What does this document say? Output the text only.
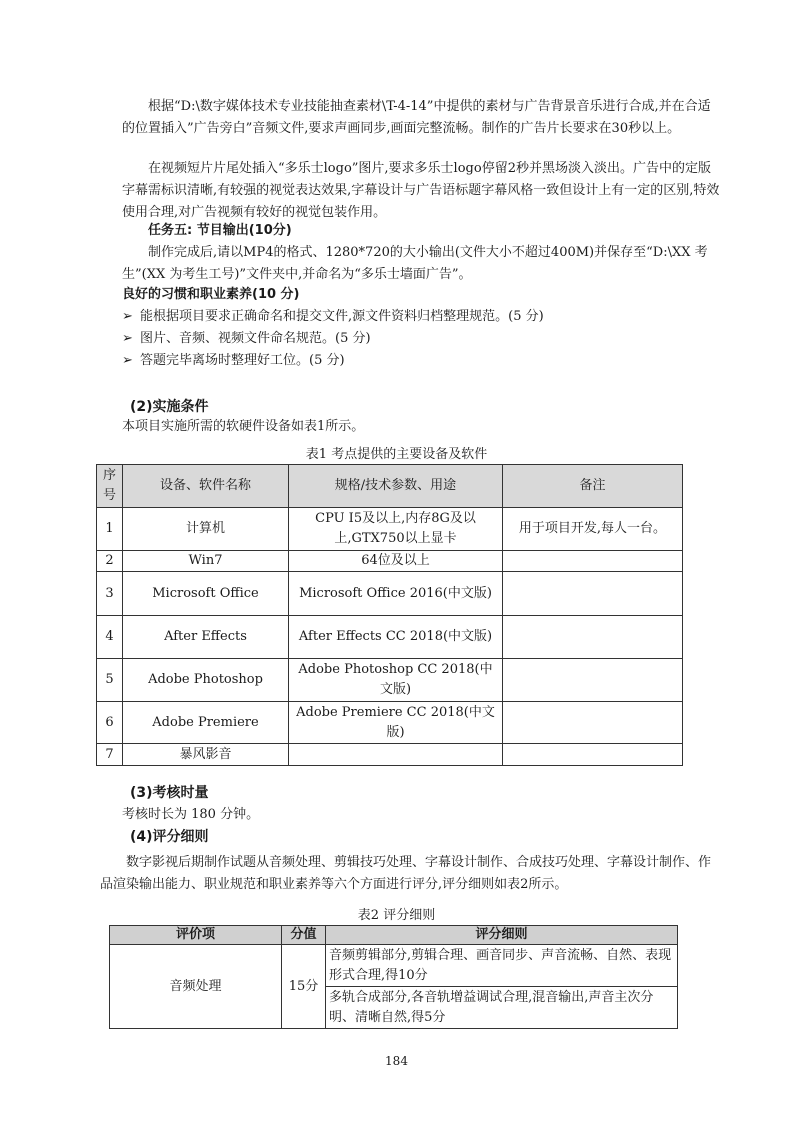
根据“D:\数字媒体技术专业技能抽查素材\T-4-14”中提供的素材与广告背景音乐进行合成,并在合适的位置插入”广告旁白”音频文件,要求声画同步,画面完整流畅。制作的广告片长要求在30秒以上。
在视频短片片尾处插入“多乐士logo”图片,要求多乐士logo停留2秒并黑场淡入淡出。广告中的定版字幕需标识清晰,有较强的视觉表达效果,字幕设计与广告语标题字幕风格一致但设计上有一定的区别,特效使用合理,对广告视频有较好的视觉包装作用。
任务五: 节目输出(10分)
制作完成后,请以MP4的格式、1280*720的大小输出(文件大小不超过400M)并保存至“D:\XX 考生”(XX 为考生工号)”文件夹中,并命名为“多乐士墙面广告”。
良好的习惯和职业素养(10 分)
➢ 能根据项目要求正确命名和提交文件,源文件资料归档整理规范。(5 分)
➢ 图片、音频、视频文件命名规范。(5 分)
➢ 答题完毕离场时整理好工位。(5 分)
(2)实施条件
本项目实施所需的软硬件设备如表1所示。
表1 考点提供的主要设备及软件
序号	设备、软件名称	规格/技术参数、用途	备注
1	计算机	CPU I5及以上,内存8G及以上,GTX750以上显卡	用于项目开发,每人一台。
2	Win7	64位及以上	
3	Microsoft Office	Microsoft Office 2016(中文版)	
4	After Effects	After Effects CC 2018(中文版)	
5	Adobe Photoshop	Adobe Photoshop CC 2018(中文版)	
6	Adobe Premiere	Adobe Premiere CC 2018(中文版)	
7	暴风影音		
(3)考核时量
考核时长为 180 分钟。
(4)评分细则
数字影视后期制作试题从音频处理、剪辑技巧处理、字幕设计制作、合成技巧处理、字幕设计制作、作品渲染输出能力、职业规范和职业素养等六个方面进行评分,评分细则如表2所示。
表2 评分细则
评价项	分值	评分细则
音频处理	15分	音频剪辑部分,剪辑合理、画音同步、声音流畅、自然、表现形式合理,得10分
		多轨合成部分,各音轨增益调试合理,混音输出,声音主次分明、清晰自然,得5分
184
